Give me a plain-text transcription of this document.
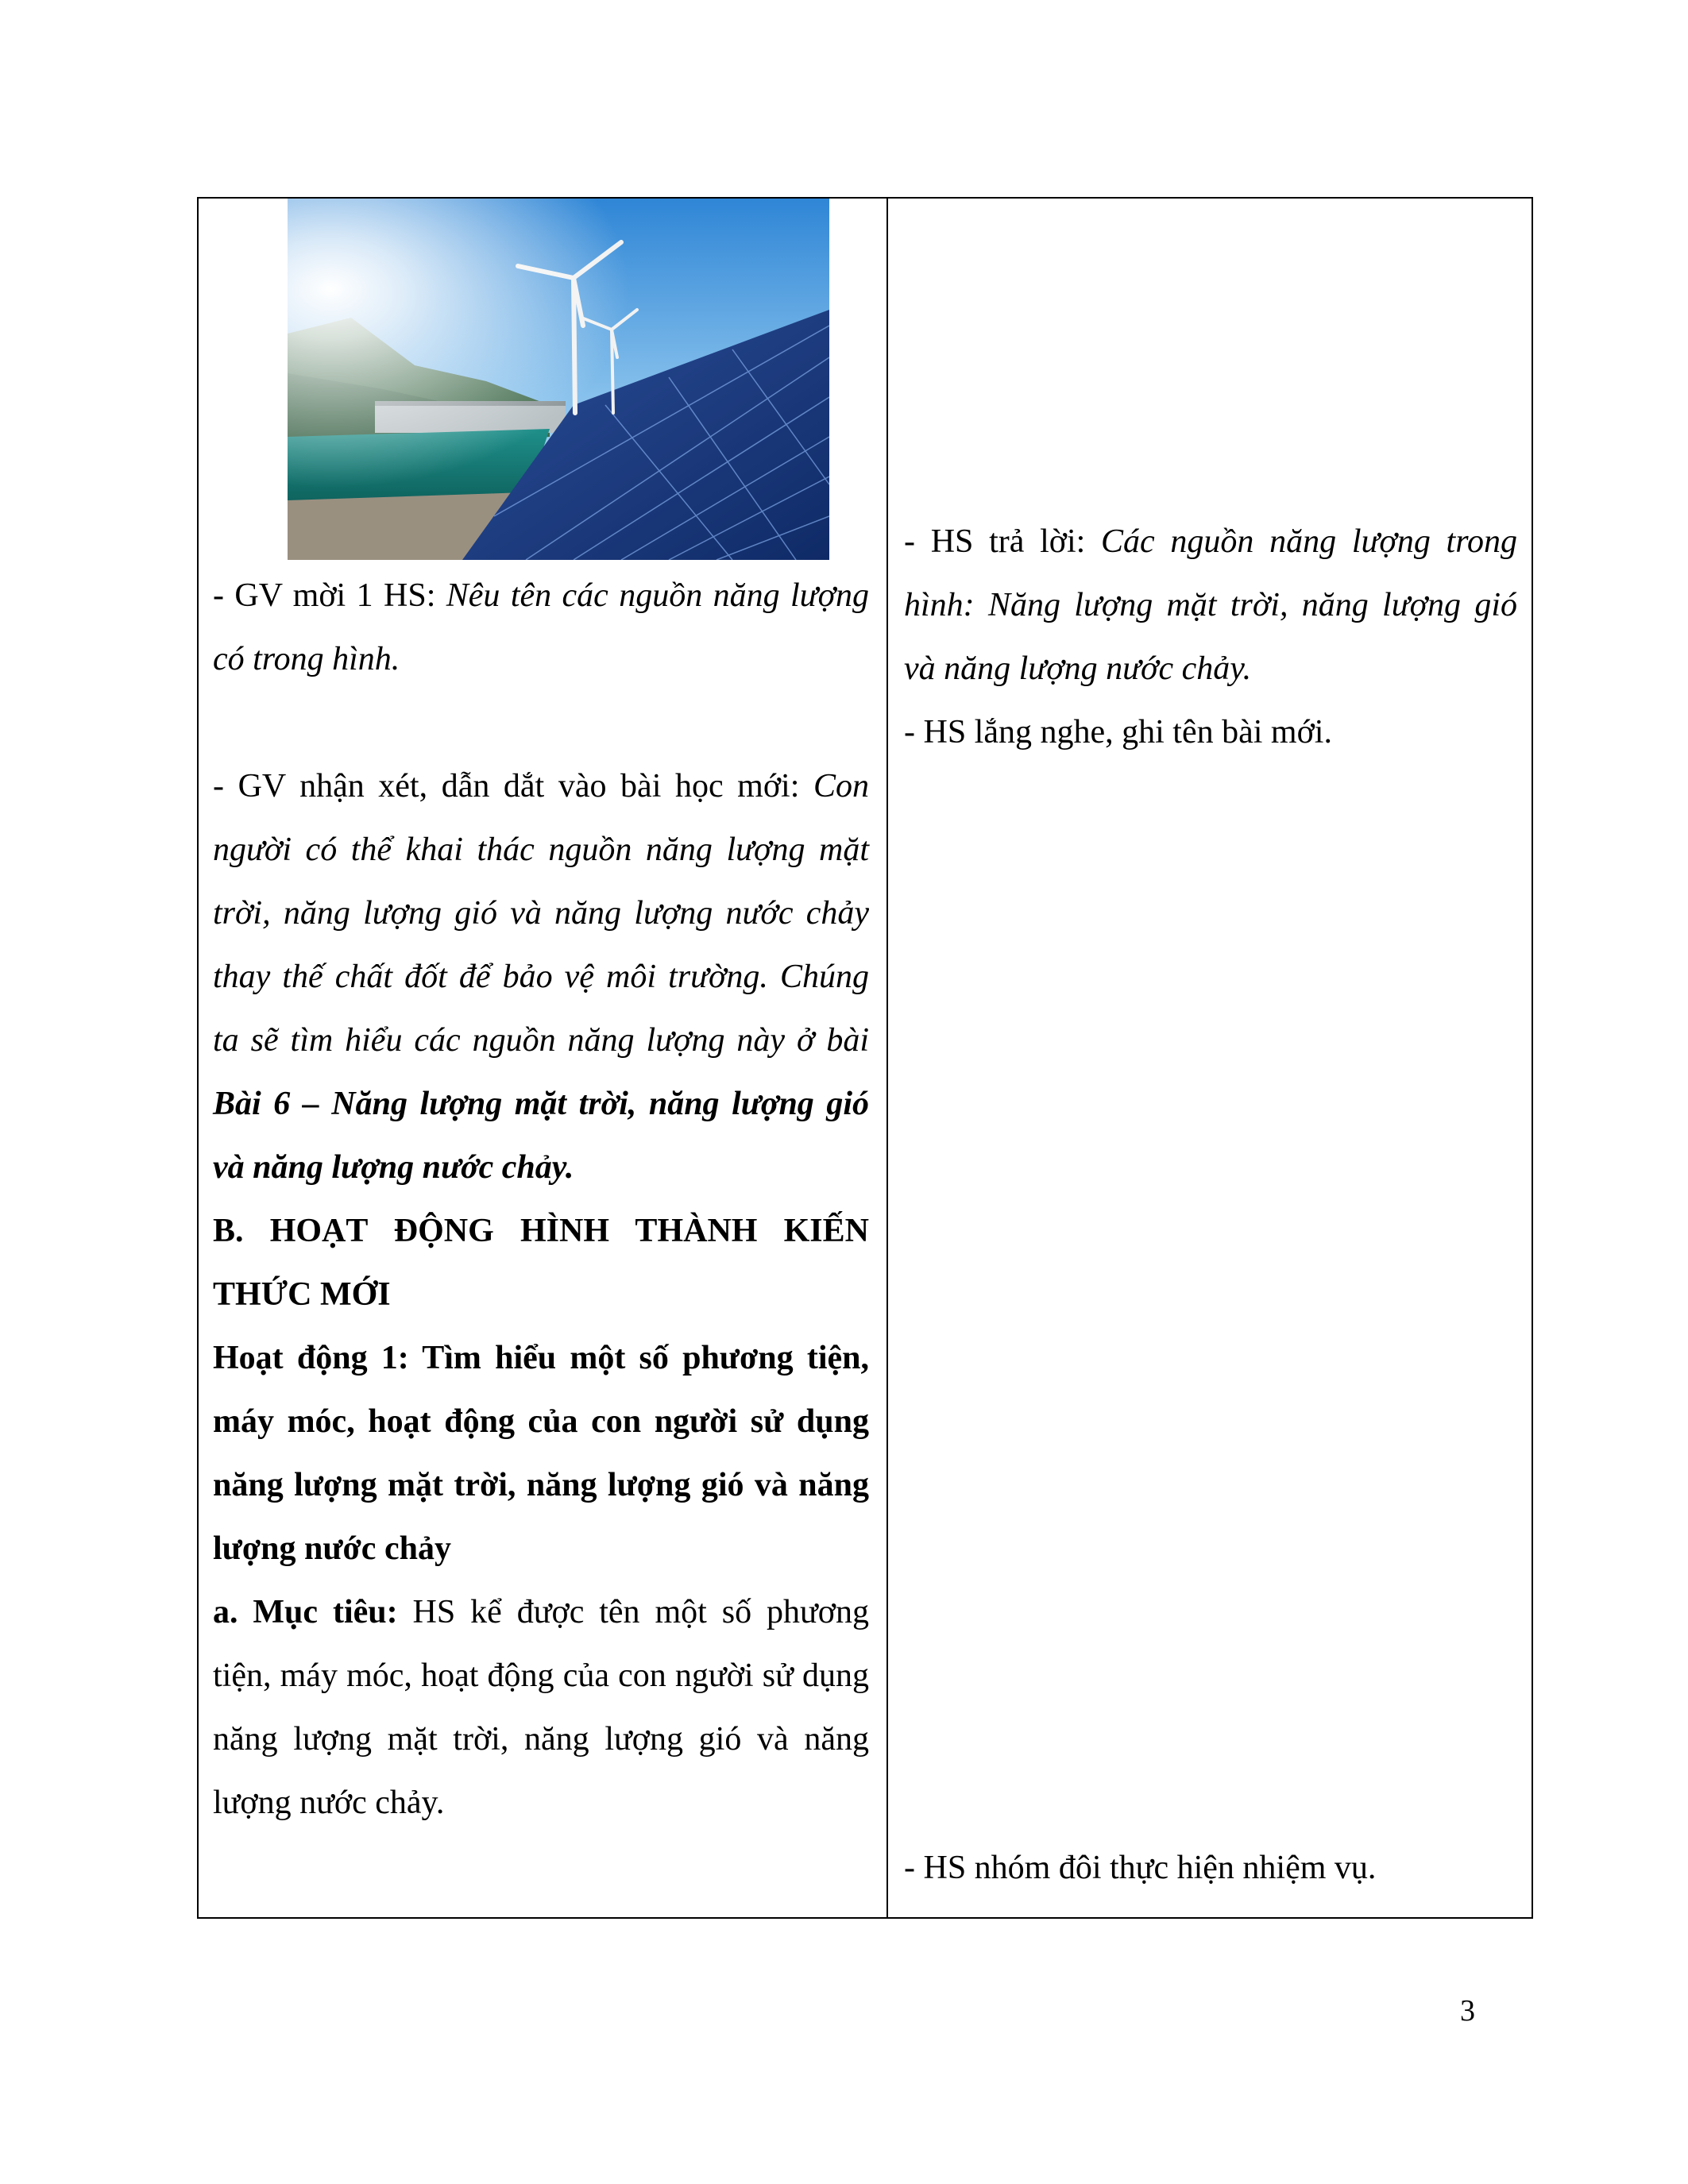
- GV mời 1 HS: Nêu tên các nguồn năng lượng có trong hình.

- GV nhận xét, dẫn dắt vào bài học mới: Con người có thể khai thác nguồn năng lượng mặt trời, năng lượng gió và năng lượng nước chảy thay thế chất đốt để bảo vệ môi trường. Chúng ta sẽ tìm hiểu các nguồn năng lượng này ở bài Bài 6 – Năng lượng mặt trời, năng lượng gió và năng lượng nước chảy.

B. HOẠT ĐỘNG HÌNH THÀNH KIẾN THỨC MỚI

Hoạt động 1: Tìm hiểu một số phương tiện, máy móc, hoạt động của con người sử dụng năng lượng mặt trời, năng lượng gió và năng lượng nước chảy

a. Mục tiêu: HS kể được tên một số phương tiện, máy móc, hoạt động của con người sử dụng năng lượng mặt trời, năng lượng gió và năng lượng nước chảy.

- HS trả lời: Các nguồn năng lượng trong hình: Năng lượng mặt trời, năng lượng gió và năng lượng nước chảy.

- HS lắng nghe, ghi tên bài mới.

- HS nhóm đôi thực hiện nhiệm vụ.

3
